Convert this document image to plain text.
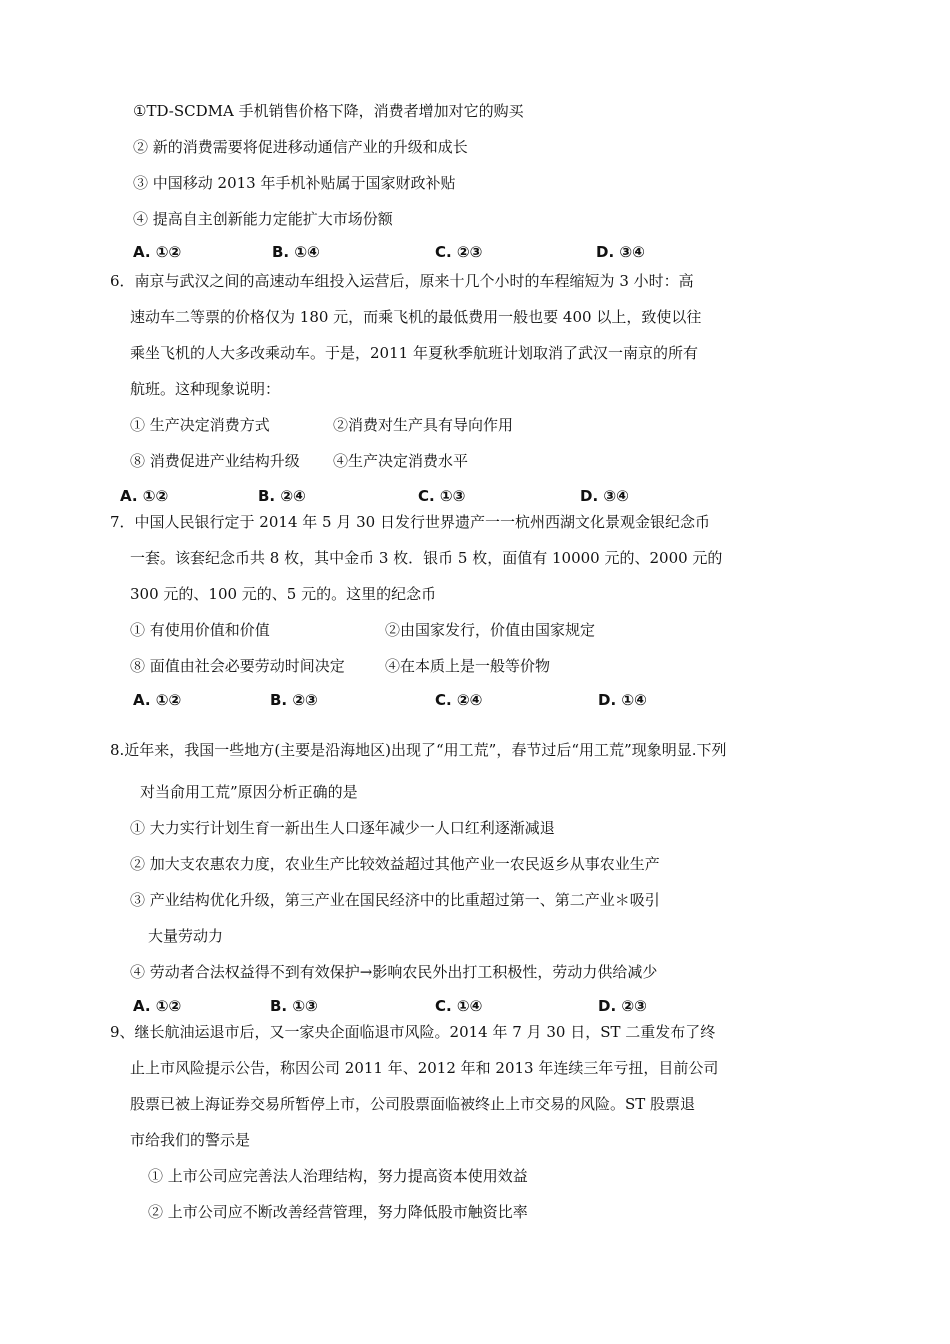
①TD-SCDMA 手机销售价格下降，消费者增加对它的购买
② 新的消费需要将促进移动通信产业的升级和成长
③ 中国移动 2013 年手机补贴属于国家财政补贴
④ 提高自主创新能力定能扩大市场份额
A. ①②	B. ①④	C. ②③	D. ③④
6．南京与武汉之间的高速动车组投入运营后，原来十几个小时的车程缩短为 3 小时：高
速动车二等票的价格仅为 180 元，而乘飞机的最低费用一般也要 400 以上，致使以往
乘坐飞机的人大多改乘动车。于是，2011 年夏秋季航班计划取消了武汉一南京的所有
航班。这种现象说明：
① 生产决定消费方式	②消费对生产具有导向作用
⑧ 消费促进产业结构升级 ④生产决定消费水平
A. ①②	B. ②④	C. ①③	D. ③④
7．中国人民银行定于 2014 年 5 月 30 日发行世界遗产一一杭州西湖文化景观金银纪念币
一套。该套纪念币共 8 枚，其中金币 3 枚．银币 5 枚，面值有 10000 元的、2000 元的
300 元的、100 元的、5 元的。这里的纪念币
① 有使用价值和价值	②由国家发行，价值由国家规定
⑧ 面值由社会必要劳动时间决定	④在本质上是一般等价物
A. ①②	B. ②③	C. ②④	D. ①④
8.近年来，我国一些地方(主要是沿海地区)出现了“用工荒”，春节过后“用工荒”现象明显.下列
对当俞用工荒”原因分析正确的是
① 大力实行计划生育一新出生人口逐年减少一人口红利逐渐减退
② 加大支农惠农力度，农业生产比较效益超过其他产业一农民返乡从事农业生产
③ 产业结构优化升级，第三产业在国民经济中的比重超过第一、第二产业＊吸引
大量劳动力
④ 劳动者合法权益得不到有效保护→影响农民外出打工积极性，劳动力供给减少
A. ①②	B. ①③	C. ①④	D. ②③
9、继长航油运退市后，又一家央企面临退市风险。2014 年 7 月 30 日，ST 二重发布了终
止上市风险提示公告，称因公司 2011 年、2012 年和 2013 年连续三年亏扭，目前公司
股票已被上海证券交易所暂停上市，公司股票面临被终止上市交易的风险。ST 股票退
市给我们的警示是
① 上市公司应完善法人治理结构，努力提高资本使用效益
② 上市公司应不断改善经营管理，努力降低股市触资比率
